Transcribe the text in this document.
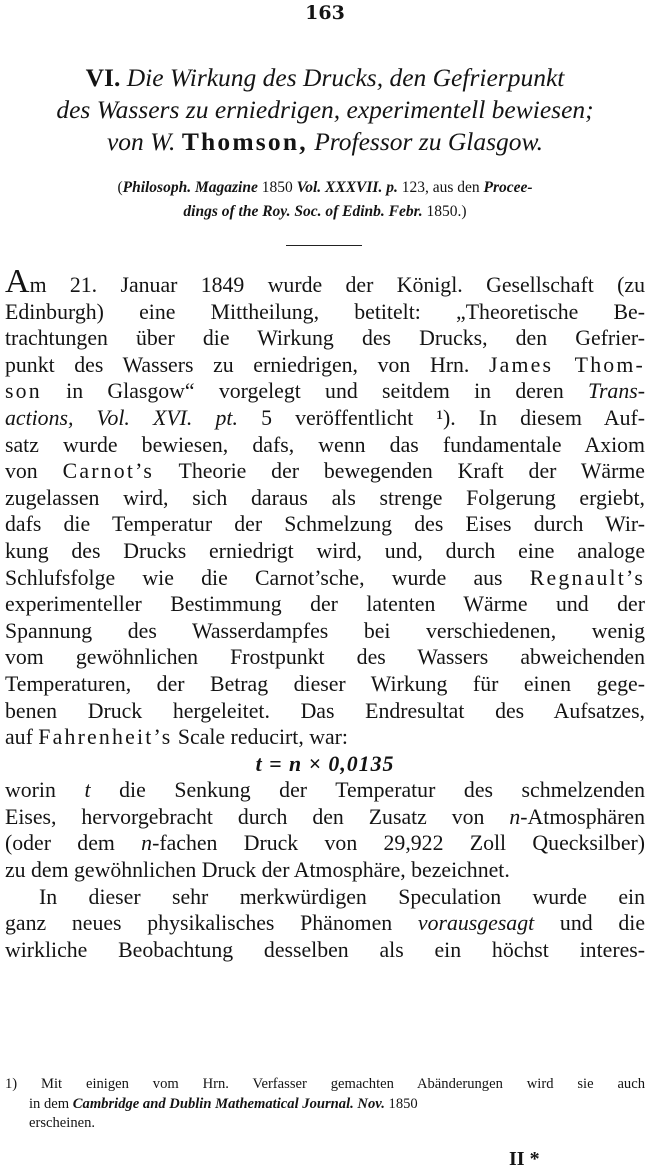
163
VI. Die Wirkung des Drucks, den Gefrierpunkt
des Wassers zu erniedrigen, experimentell bewiesen;
von W. Thomson, Professor zu Glasgow.
(Philosoph. Magazine 1850 Vol. XXXVII. p. 123, aus den Procee-
dings of the Roy. Soc. of Edinb. Febr. 1850.)
Am 21. Januar 1849 wurde der Königl. Gesellschaft (zu
Edinburgh) eine Mittheilung, betitelt: „Theoretische Be-
trachtungen über die Wirkung des Drucks, den Gefrier-
punkt des Wassers zu erniedrigen, von Hrn. James Thom-
son in Glasgow“ vorgelegt und seitdem in deren Trans-
actions, Vol. XVI. pt. 5 veröffentlicht ¹). In diesem Auf-
satz wurde bewiesen, dafs, wenn das fundamentale Axiom
von Carnot’s Theorie der bewegenden Kraft der Wärme
zugelassen wird, sich daraus als strenge Folgerung ergiebt,
dafs die Temperatur der Schmelzung des Eises durch Wir-
kung des Drucks erniedrigt wird, und, durch eine analoge
Schlufsfolge wie die Carnot’sche, wurde aus Regnault’s
experimenteller Bestimmung der latenten Wärme und der
Spannung des Wasserdampfes bei verschiedenen, wenig
vom gewöhnlichen Frostpunkt des Wassers abweichenden
Temperaturen, der Betrag dieser Wirkung für einen gege-
benen Druck hergeleitet. Das Endresultat des Aufsatzes,
auf Fahrenheit’s Scale reducirt, war:
t = n × 0,0135
worin t die Senkung der Temperatur des schmelzenden
Eises, hervorgebracht durch den Zusatz von n-Atmosphären
(oder dem n-fachen Druck von 29,922 Zoll Quecksilber)
zu dem gewöhnlichen Druck der Atmosphäre, bezeichnet.
In dieser sehr merkwürdigen Speculation wurde ein
ganz neues physikalisches Phänomen vorausgesagt und die
wirkliche Beobachtung desselben als ein höchst interes-
1) Mit einigen vom Hrn. Verfasser gemachten Abänderungen wird sie auch
in dem Cambridge and Dublin Mathematical Journal. Nov. 1850
erscheinen.
II *
